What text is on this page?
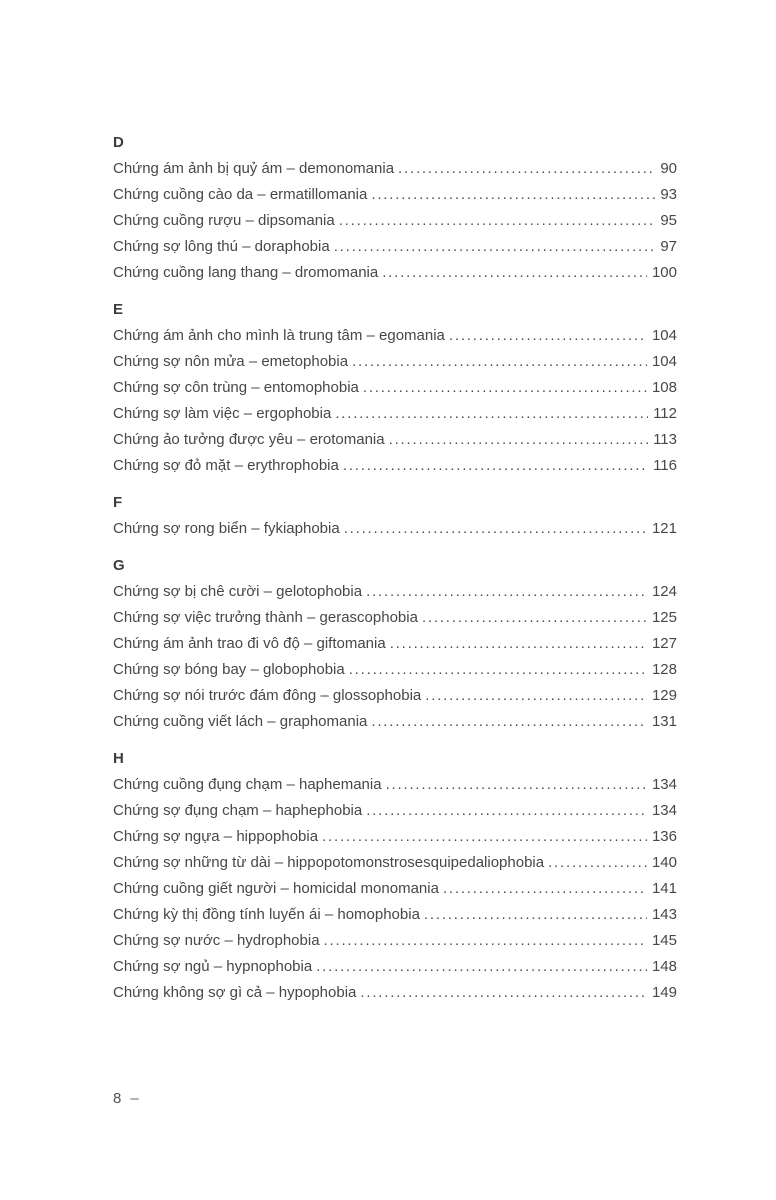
D
Chứng ám ảnh bị quỷ ám – demonomania .....	90
Chứng cuồng cào da – ermatillomania .....	93
Chứng cuồng rượu – dipsomania .....	95
Chứng sợ lông thú – doraphobia .....	97
Chứng cuồng lang thang – dromomania .....	100
E
Chứng ám ảnh cho mình là trung tâm – egomania .....	104
Chứng sợ nôn mửa – emetophobia .....	104
Chứng sợ côn trùng – entomophobia .....	108
Chứng sợ làm việc – ergophobia .....	112
Chứng ảo tưởng được yêu – erotomania .....	113
Chứng sợ đỏ mặt – erythrophobia .....	116
F
Chứng sợ rong biển – fykiaphobia .....	121
G
Chứng sợ bị chê cười – gelotophobia .....	124
Chứng sợ việc trưởng thành – gerascophobia .....	125
Chứng ám ảnh trao đi vô độ – giftomania .....	127
Chứng sợ bóng bay – globophobia .....	128
Chứng sợ nói trước đám đông – glossophobia .....	129
Chứng cuồng viết lách – graphomania .....	131
H
Chứng cuồng đụng chạm – haphemania .....	134
Chứng sợ đụng chạm – haphephobia .....	134
Chứng sợ ngựa – hippophobia .....	136
Chứng sợ những từ dài – hippopotomonstrosesquipedaliophobia .....	140
Chứng cuồng giết người – homicidal monomania .....	141
Chứng kỳ thị đồng tính luyến ái – homophobia .....	143
Chứng sợ nước – hydrophobia .....	145
Chứng sợ ngủ – hypnophobia .....	148
Chứng không sợ gì cả – hypophobia .....	149
8 –
